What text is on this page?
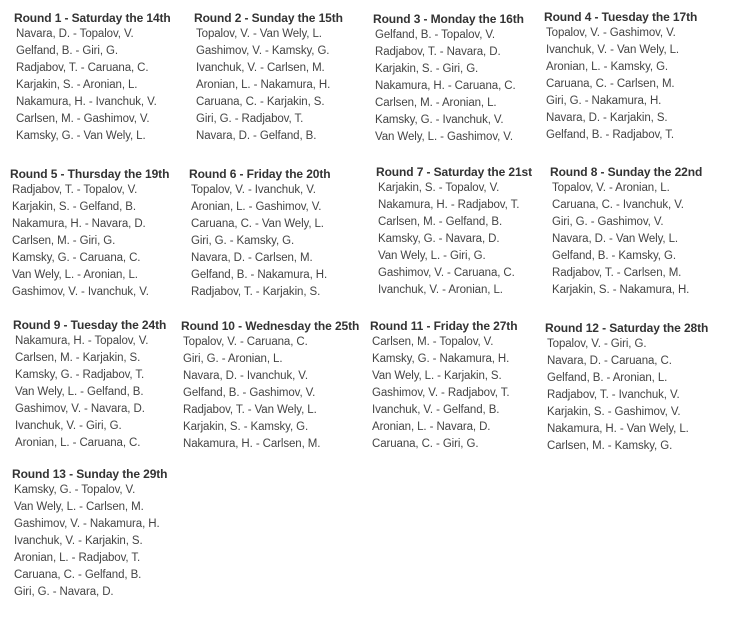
Round 1 - Saturday the 14th
Navara, D. - Topalov, V.
Gelfand, B. - Giri, G.
Radjabov, T. - Caruana, C.
Karjakin, S. - Aronian, L.
Nakamura, H. - Ivanchuk, V.
Carlsen, M. - Gashimov, V.
Kamsky, G. - Van Wely, L.
Round 2 - Sunday the 15th
Topalov, V. - Van Wely, L.
Gashimov, V. - Kamsky, G.
Ivanchuk, V. - Carlsen, M.
Aronian, L. - Nakamura, H.
Caruana, C. - Karjakin, S.
Giri, G. - Radjabov, T.
Navara, D. - Gelfand, B.
Round 3 - Monday the 16th
Gelfand, B. - Topalov, V.
Radjabov, T. - Navara, D.
Karjakin, S. - Giri, G.
Nakamura, H. - Caruana, C.
Carlsen, M. - Aronian, L.
Kamsky, G. - Ivanchuk, V.
Van Wely, L. - Gashimov, V.
Round 4 - Tuesday the 17th
Topalov, V. - Gashimov, V.
Ivanchuk, V. - Van Wely, L.
Aronian, L. - Kamsky, G.
Caruana, C. - Carlsen, M.
Giri, G. - Nakamura, H.
Navara, D. - Karjakin, S.
Gelfand, B. - Radjabov, T.
Round 5 - Thursday the 19th
Radjabov, T. - Topalov, V.
Karjakin, S. - Gelfand, B.
Nakamura, H. - Navara, D.
Carlsen, M. - Giri, G.
Kamsky, G. - Caruana, C.
Van Wely, L. - Aronian, L.
Gashimov, V. - Ivanchuk, V.
Round 6 - Friday the 20th
Topalov, V. - Ivanchuk, V.
Aronian, L. - Gashimov, V.
Caruana, C. - Van Wely, L.
Giri, G. - Kamsky, G.
Navara, D. - Carlsen, M.
Gelfand, B. - Nakamura, H.
Radjabov, T. - Karjakin, S.
Round 7 - Saturday the 21st
Karjakin, S. - Topalov, V.
Nakamura, H. - Radjabov, T.
Carlsen, M. - Gelfand, B.
Kamsky, G. - Navara, D.
Van Wely, L. - Giri, G.
Gashimov, V. - Caruana, C.
Ivanchuk, V. - Aronian, L.
Round 8 - Sunday the 22nd
Topalov, V. - Aronian, L.
Caruana, C. - Ivanchuk, V.
Giri, G. - Gashimov, V.
Navara, D. - Van Wely, L.
Gelfand, B. - Kamsky, G.
Radjabov, T. - Carlsen, M.
Karjakin, S. - Nakamura, H.
Round 9 - Tuesday the 24th
Nakamura, H. - Topalov, V.
Carlsen, M. - Karjakin, S.
Kamsky, G. - Radjabov, T.
Van Wely, L. - Gelfand, B.
Gashimov, V. - Navara, D.
Ivanchuk, V. - Giri, G.
Aronian, L. - Caruana, C.
Round 10 - Wednesday the 25th
Topalov, V. - Caruana, C.
Giri, G. - Aronian, L.
Navara, D. - Ivanchuk, V.
Gelfand, B. - Gashimov, V.
Radjabov, T. - Van Wely, L.
Karjakin, S. - Kamsky, G.
Nakamura, H. - Carlsen, M.
Round 11 - Friday the 27th
Carlsen, M. - Topalov, V.
Kamsky, G. - Nakamura, H.
Van Wely, L. - Karjakin, S.
Gashimov, V. - Radjabov, T.
Ivanchuk, V. - Gelfand, B.
Aronian, L. - Navara, D.
Caruana, C. - Giri, G.
Round 12 - Saturday the 28th
Topalov, V. - Giri, G.
Navara, D. - Caruana, C.
Gelfand, B. - Aronian, L.
Radjabov, T. - Ivanchuk, V.
Karjakin, S. - Gashimov, V.
Nakamura, H. - Van Wely, L.
Carlsen, M. - Kamsky, G.
Round 13 - Sunday the 29th
Kamsky, G. - Topalov, V.
Van Wely, L. - Carlsen, M.
Gashimov, V. - Nakamura, H.
Ivanchuk, V. - Karjakin, S.
Aronian, L. - Radjabov, T.
Caruana, C. - Gelfand, B.
Giri, G. - Navara, D.
